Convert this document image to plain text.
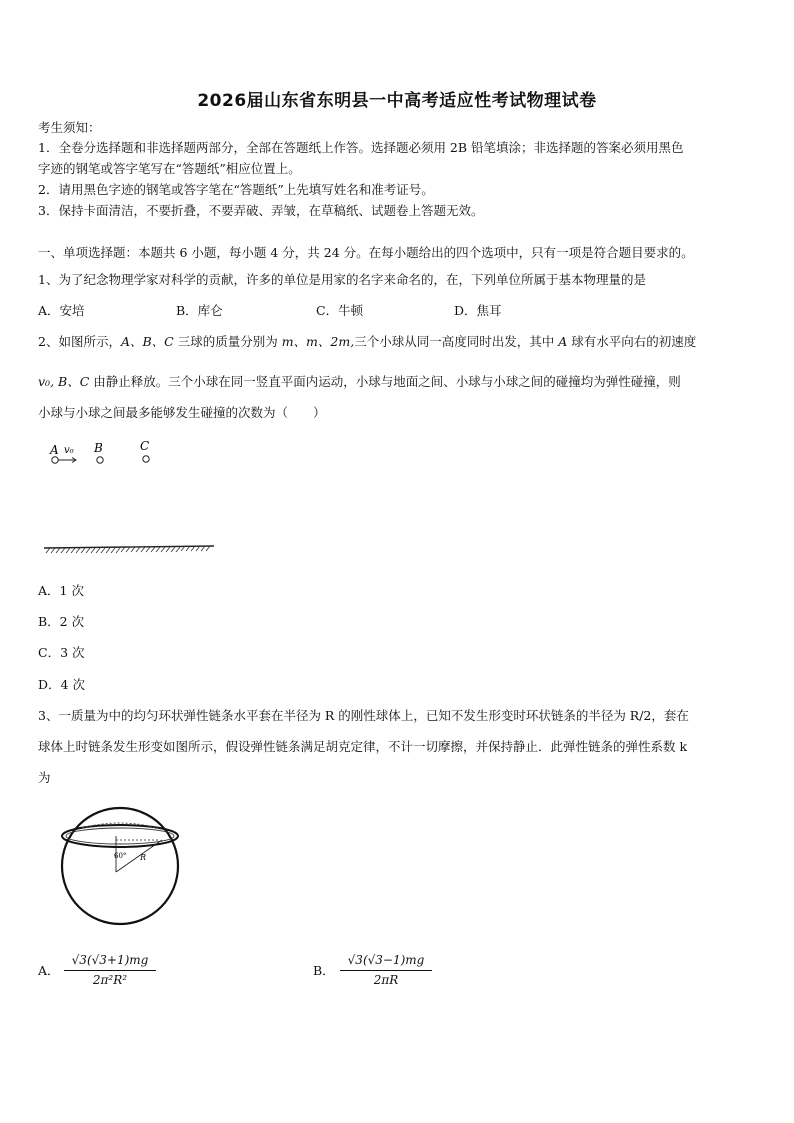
2026届山东省东明县一中高考适应性考试物理试卷
考生须知：
1．全卷分选择题和非选择题两部分，全部在答题纸上作答。选择题必须用 2B 铅笔填涂；非选择题的答案必须用黑色
字迹的钢笔或答字笔写在“答题纸”相应位置上。
2．请用黑色字迹的钢笔或答字笔在“答题纸”上先填写姓名和准考证号。
3．保持卡面清洁，不要折叠，不要弄破、弄皱，在草稿纸、试题卷上答题无效。
一、单项选择题：本题共 6 小题，每小题 4 分，共 24 分。在每小题给出的四个选项中，只有一项是符合题目要求的。
1、为了纪念物理学家对科学的贡献，许多的单位是用家的名字来命名的，在，下列单位所属于基本物理量的是
A．安培	B．库仑	C．牛顿	D．焦耳
2、如图所示，A、B、C 三球的质量分别为 m、m、2m,三个小球从同一高度同时出发，其中 A 球有水平向右的初速度
v₀, B、C 由静止释放。三个小球在同一竖直平面内运动，小球与地面之间、小球与小球之间的碰撞均为弹性碰撞，则
小球与小球之间最多能够发生碰撞的次数为（　　）
A v₀ B	C
A．1 次
B．2 次
C．3 次
D．4 次
3、一质量为中的均匀环状弹性链条水平套在半径为 R 的刚性球体上，已知不发生形变时环状链条的半径为 R/2，套在
球体上时链条发生形变如图所示，假设弹性链条满足胡克定律，不计一切摩擦，并保持静止．此弹性链条的弹性系数 k
为
60° R
A．
√3(√3+1)mg
2π²R²
B．
√3(√3−1)mg
2πR
